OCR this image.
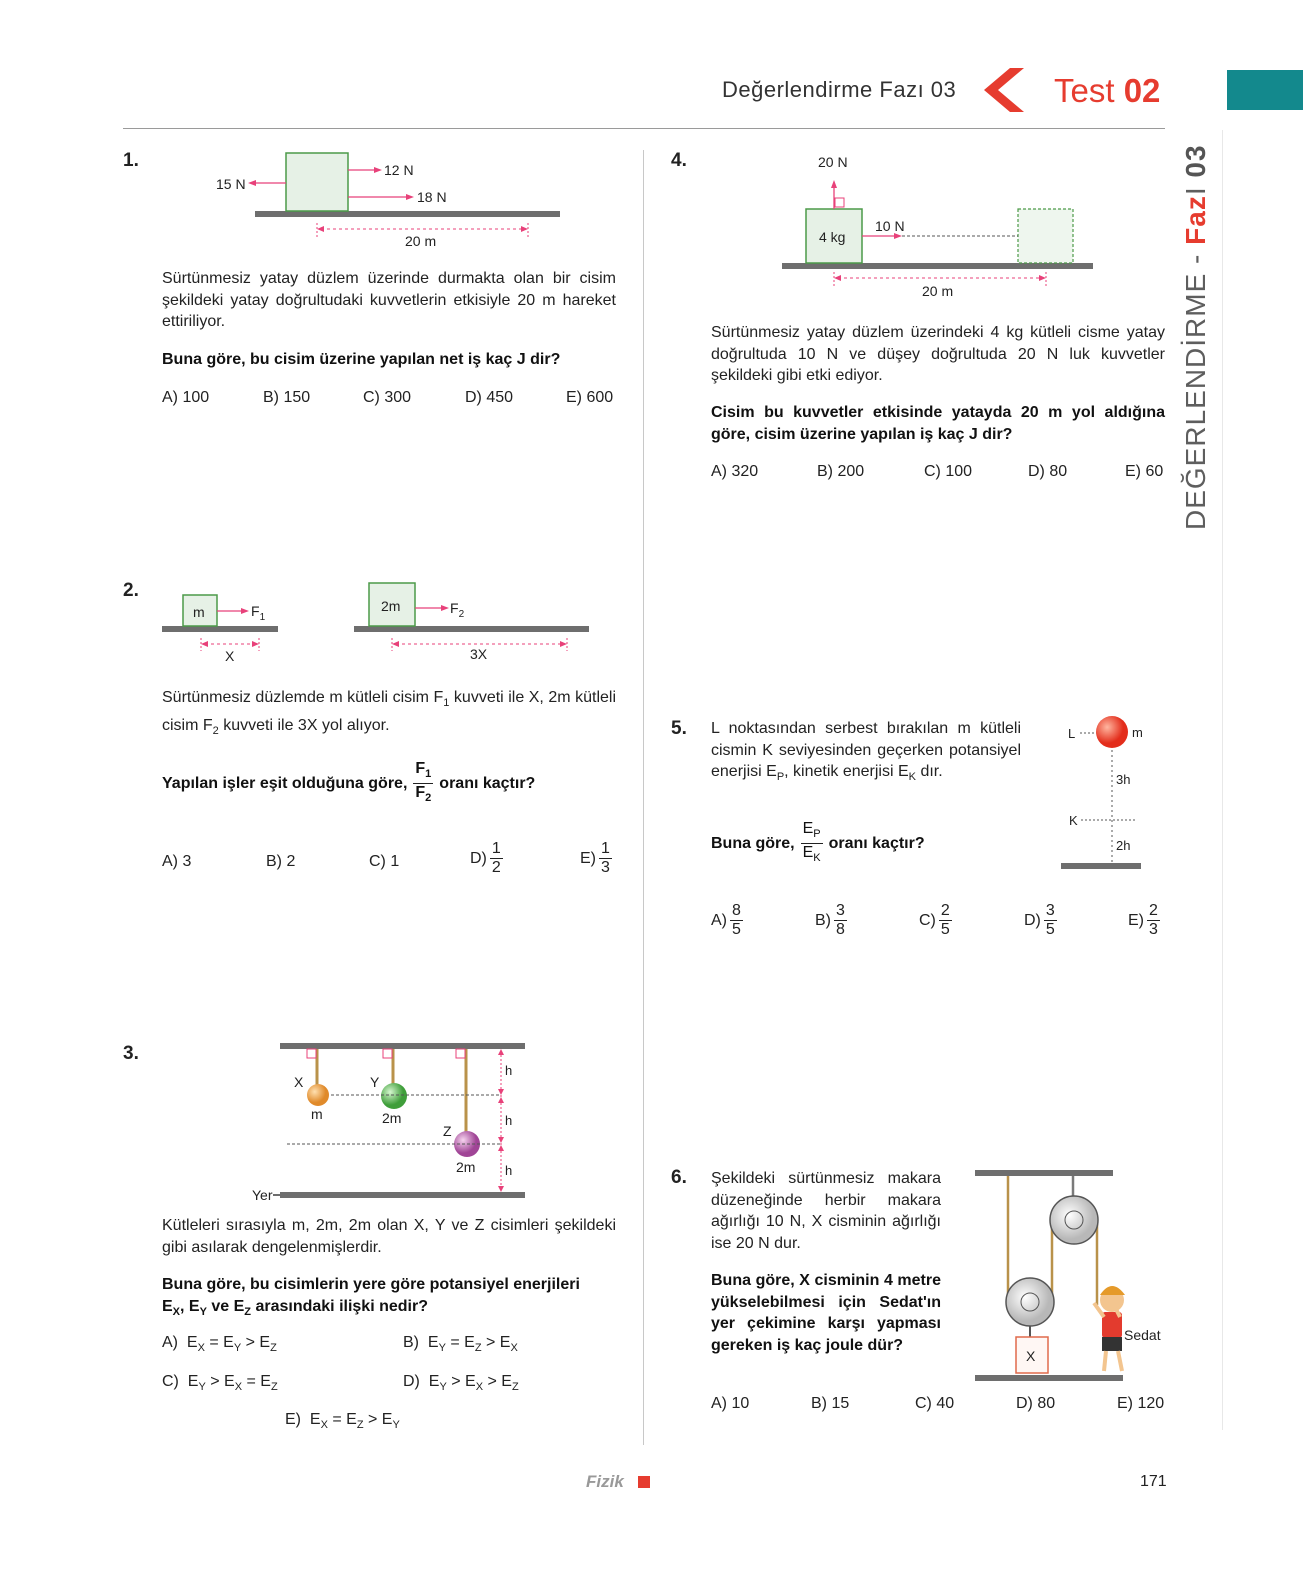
Değerlendirme Fazı 03	Test 02
DEĞERLENDİRME - FazI 03
1.
15 N
12 N
18 N
20 m
Sürtünmesiz yatay düzlem üzerinde durmakta olan bir cisim şekildeki yatay doğrultudaki kuvvetlerin etkisiyle 20 m hareket ettiriliyor.
Buna göre, bu cisim üzerine yapılan net iş kaç J dir?
A) 100	B) 150	C) 300	D) 450	E) 600
2.
m	$F_1$
X
2m	$F_2$
3X
Sürtünmesiz düzlemde m kütleli cisim $F_1$ kuvveti ile X, 2m kütleli cisim $F_2$ kuvveti ile 3X yol alıyor.
Yapılan işler eşit olduğuna göre, $\frac{F_1}{F_2}$ oranı kaçtır?
A) 3	B) 2	C) 1	$D) \frac{1}{2}$	$E) \frac{1}{3}$
3.
Yer
X	Y
Z
m	2m
2m
h
h
h
Kütleleri sırasıyla m, 2m, 2m olan X, Y ve Z cisimleri şekildeki gibi asılarak dengelenmişlerdir.
Buna göre, bu cisimlerin yere göre potansiyel enerjileri
$E_X$, $E_Y$ ve $E_Z$ arasındaki ilişki nedir?
A)  $E_X = E_Y > E_Z$	B)  $E_Y = E_Z > E_X$
C)  $E_Y > E_X = E_Z$	D)  $E_Y > E_X > E_Z$
E)  $E_X = E_Z > E_Y$
4.	20 N
10 N
4 kg
20 m
Sürtünmesiz yatay düzlem üzerindeki 4 kg kütleli cisme yatay doğrultuda 10 N ve düşey doğrultuda 20 N luk kuvvetler şekildeki gibi etki ediyor.
Cisim bu kuvvetler etkisinde yatayda 20 m yol aldığına göre, cisim üzerine yapılan iş kaç J dir?
A) 320	B) 200	C) 100	D) 80	E) 60
5. L noktasından serbest bırakılan m kütleli cismin K seviyesinden geçerken potansiyel enerjisi $E_P$, kinetik enerjisi $E_K$ dır.
L	m
3h
K
2h
Buna göre, $\frac{E_P}{E_K}$ oranı kaçtır?
$A) \frac{8}{5}$	$B) \frac{3}{8}$	$C) \frac{2}{5}$	$D) \frac{3}{5}$	$E) \frac{2}{3}$
6. Şekildeki sürtünmesiz makara düzeneğinde herbir makara ağırlığı 10 N, X cisminin ağırlığı ise 20 N dur.
Buna göre, X cisminin 4 metre yükselebilmesi için Sedat'ın yer çekimine karşı yapması gereken iş kaç joule dür?
X
Sedat
A) 10	B) 15	C) 40	D) 80	E) 120
Fizik	171
